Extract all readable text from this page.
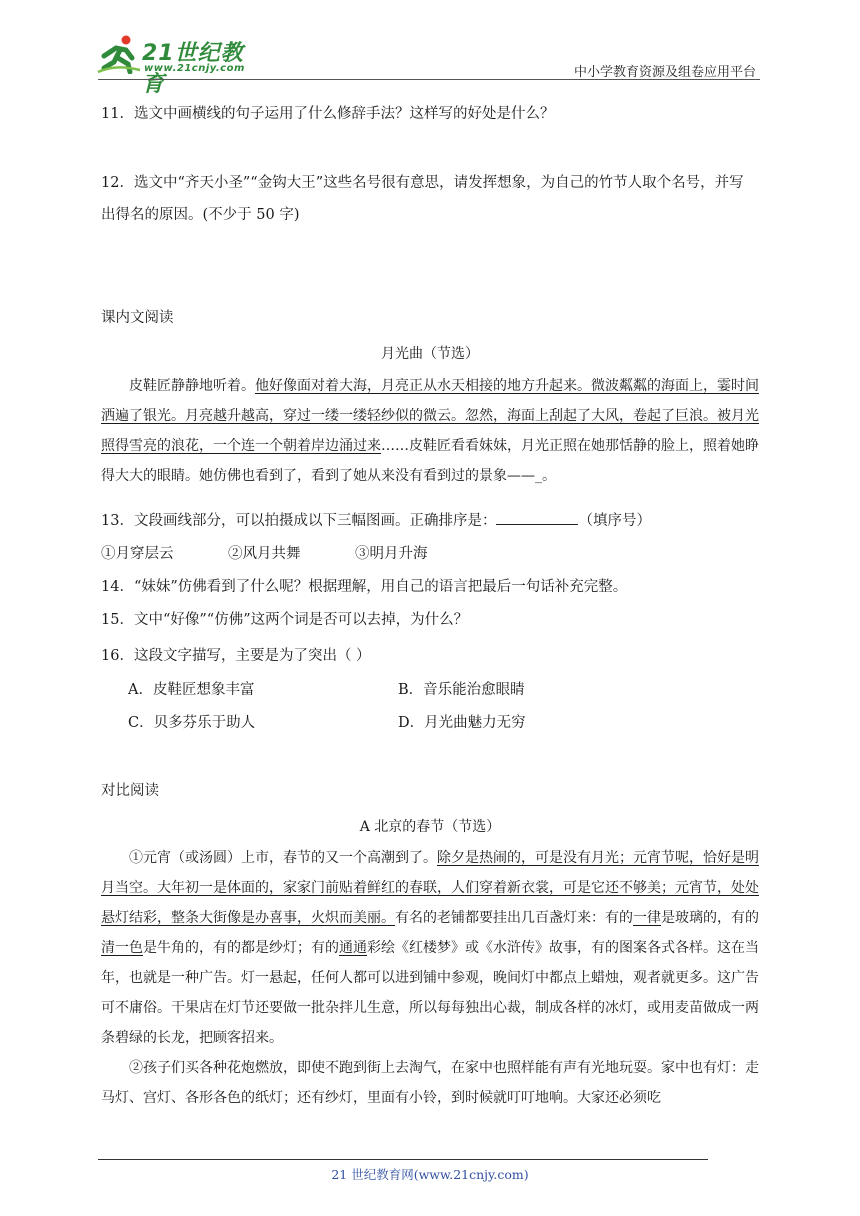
21世纪教育
www.21cnjy.com	中小学教育资源及组卷应用平台
11．选文中画横线的句子运用了什么修辞手法？这样写的好处是什么？
12．选文中“齐天小圣”“金钩大王”这些名号很有意思，请发挥想象，为自己的竹节人取个名号，并写
出得名的原因。(不少于 50 字)
课内文阅读
月光曲（节选）
皮鞋匠静静地听着。他好像面对着大海，月亮正从水天相接的地方升起来。微波粼粼的海面上，霎时间洒遍了银光。月亮越升越高，穿过一缕一缕轻纱似的微云。忽然，海面上刮起了大风，卷起了巨浪。被月光照得雪亮的浪花，一个连一个朝着岸边涌过来……皮鞋匠看看妹妹，月光正照在她那恬静的脸上，照着她睁得大大的眼睛。她仿佛也看到了，看到了她从来没有看到过的景象——_。
13．文段画线部分，可以拍摄成以下三幅图画。正确排序是：	（填序号）
①月穿层云	②风月共舞	③明月升海
14．“妹妹”仿佛看到了什么呢？根据理解，用自己的语言把最后一句话补充完整。
15．文中“好像”“仿佛”这两个词是否可以去掉，为什么？
16．这段文字描写，主要是为了突出（ ）
A．皮鞋匠想象丰富	B．音乐能治愈眼睛
C．贝多芬乐于助人	D．月光曲魅力无穷
对比阅读
A 北京的春节（节选）
①元宵（或汤圆）上市，春节的又一个高潮到了。除夕是热闹的，可是没有月光；元宵节呢，恰好是明月当空。大年初一是体面的，家家门前贴着鲜红的春联，人们穿着新衣裳，可是它还不够美；元宵节，处处悬灯结彩，整条大街像是办喜事，火炽而美丽。有名的老铺都要挂出几百盏灯来：有的一律是玻璃的，有的清一色是牛角的，有的都是纱灯；有的通通彩绘《红楼梦》或《水浒传》故事，有的图案各式各样。这在当年，也就是一种广告。灯一悬起，任何人都可以进到铺中参观，晚间灯中都点上蜡烛，观者就更多。这广告可不庸俗。干果店在灯节还要做一批杂拌儿生意，所以每每独出心裁，制成各样的冰灯，或用麦苗做成一两条碧绿的长龙，把顾客招来。
②孩子们买各种花炮燃放，即使不跑到街上去淘气，在家中也照样能有声有光地玩耍。家中也有灯：走马灯、宫灯、各形各色的纸灯；还有纱灯，里面有小铃，到时候就叮叮地响。大家还必须吃
21 世纪教育网(www.21cnjy.com)
